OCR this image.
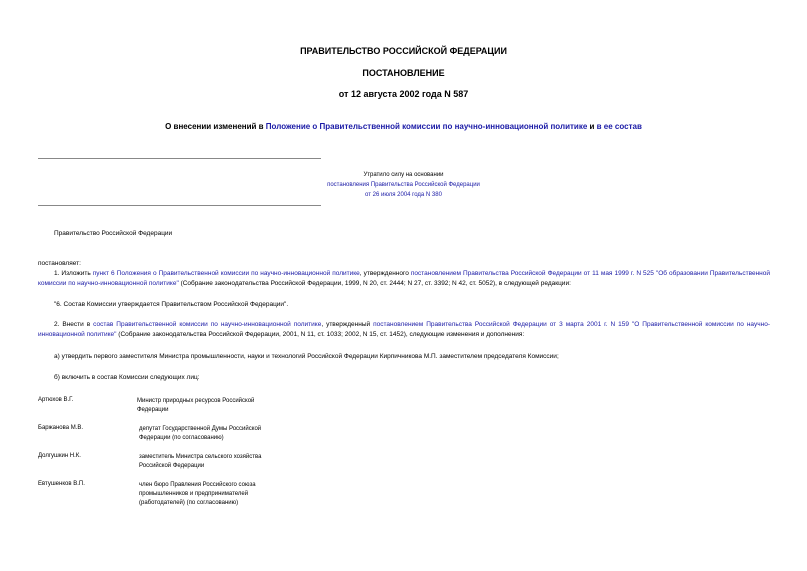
ПРАВИТЕЛЬСТВО РОССИЙСКОЙ ФЕДЕРАЦИИ
ПОСТАНОВЛЕНИЕ
от 12 августа 2002 года N 587
О внесении изменений в Положение о Правительственной комиссии по научно-инновационной политике и в ее состав
Утратило силу на основании
постановления Правительства Российской Федерации
от 26 июля 2004 года N 380
Правительство Российской Федерации
постановляет:
1. Изложить пункт 6 Положения о Правительственной комиссии по научно-инновационной политике, утвержденного постановлением Правительства Российской Федерации от 11 мая 1999 г. N 525 "Об образовании Правительственной комиссии по научно-инновационной политике" (Собрание законодательства Российской Федерации, 1999, N 20, ст. 2444; N 27, ст. 3392; N 42, ст. 5052), в следующей редакции:
"6. Состав Комиссии утверждается Правительством Российской Федерации".
2. Внести в состав Правительственной комиссии по научно-инновационной политике, утвержденный постановлением Правительства Российской Федерации от 3 марта 2001 г. N 159 "О Правительственной комиссии по научно-инновационной политике" (Собрание законодательства Российской Федерации, 2001, N 11, ст. 1033; 2002, N 15, ст. 1452), следующие изменения и дополнения:
а) утвердить первого заместителя Министра промышленности, науки и технологий Российской Федерации Кирпичникова М.П. заместителем председателя Комиссии;
б) включить в состав Комиссии следующих лиц:
Артюхов В.Г.	Министр природных ресурсов Российской Федерации
Баржанова М.В.	депутат Государственной Думы Российской Федерации (по согласованию)
Долгушкин Н.К.	заместитель Министра сельского хозяйства Российской Федерации
Евтушенков В.П.	член бюро Правления Российского союза промышленников и предпринимателей (работодателей) (по согласованию)
